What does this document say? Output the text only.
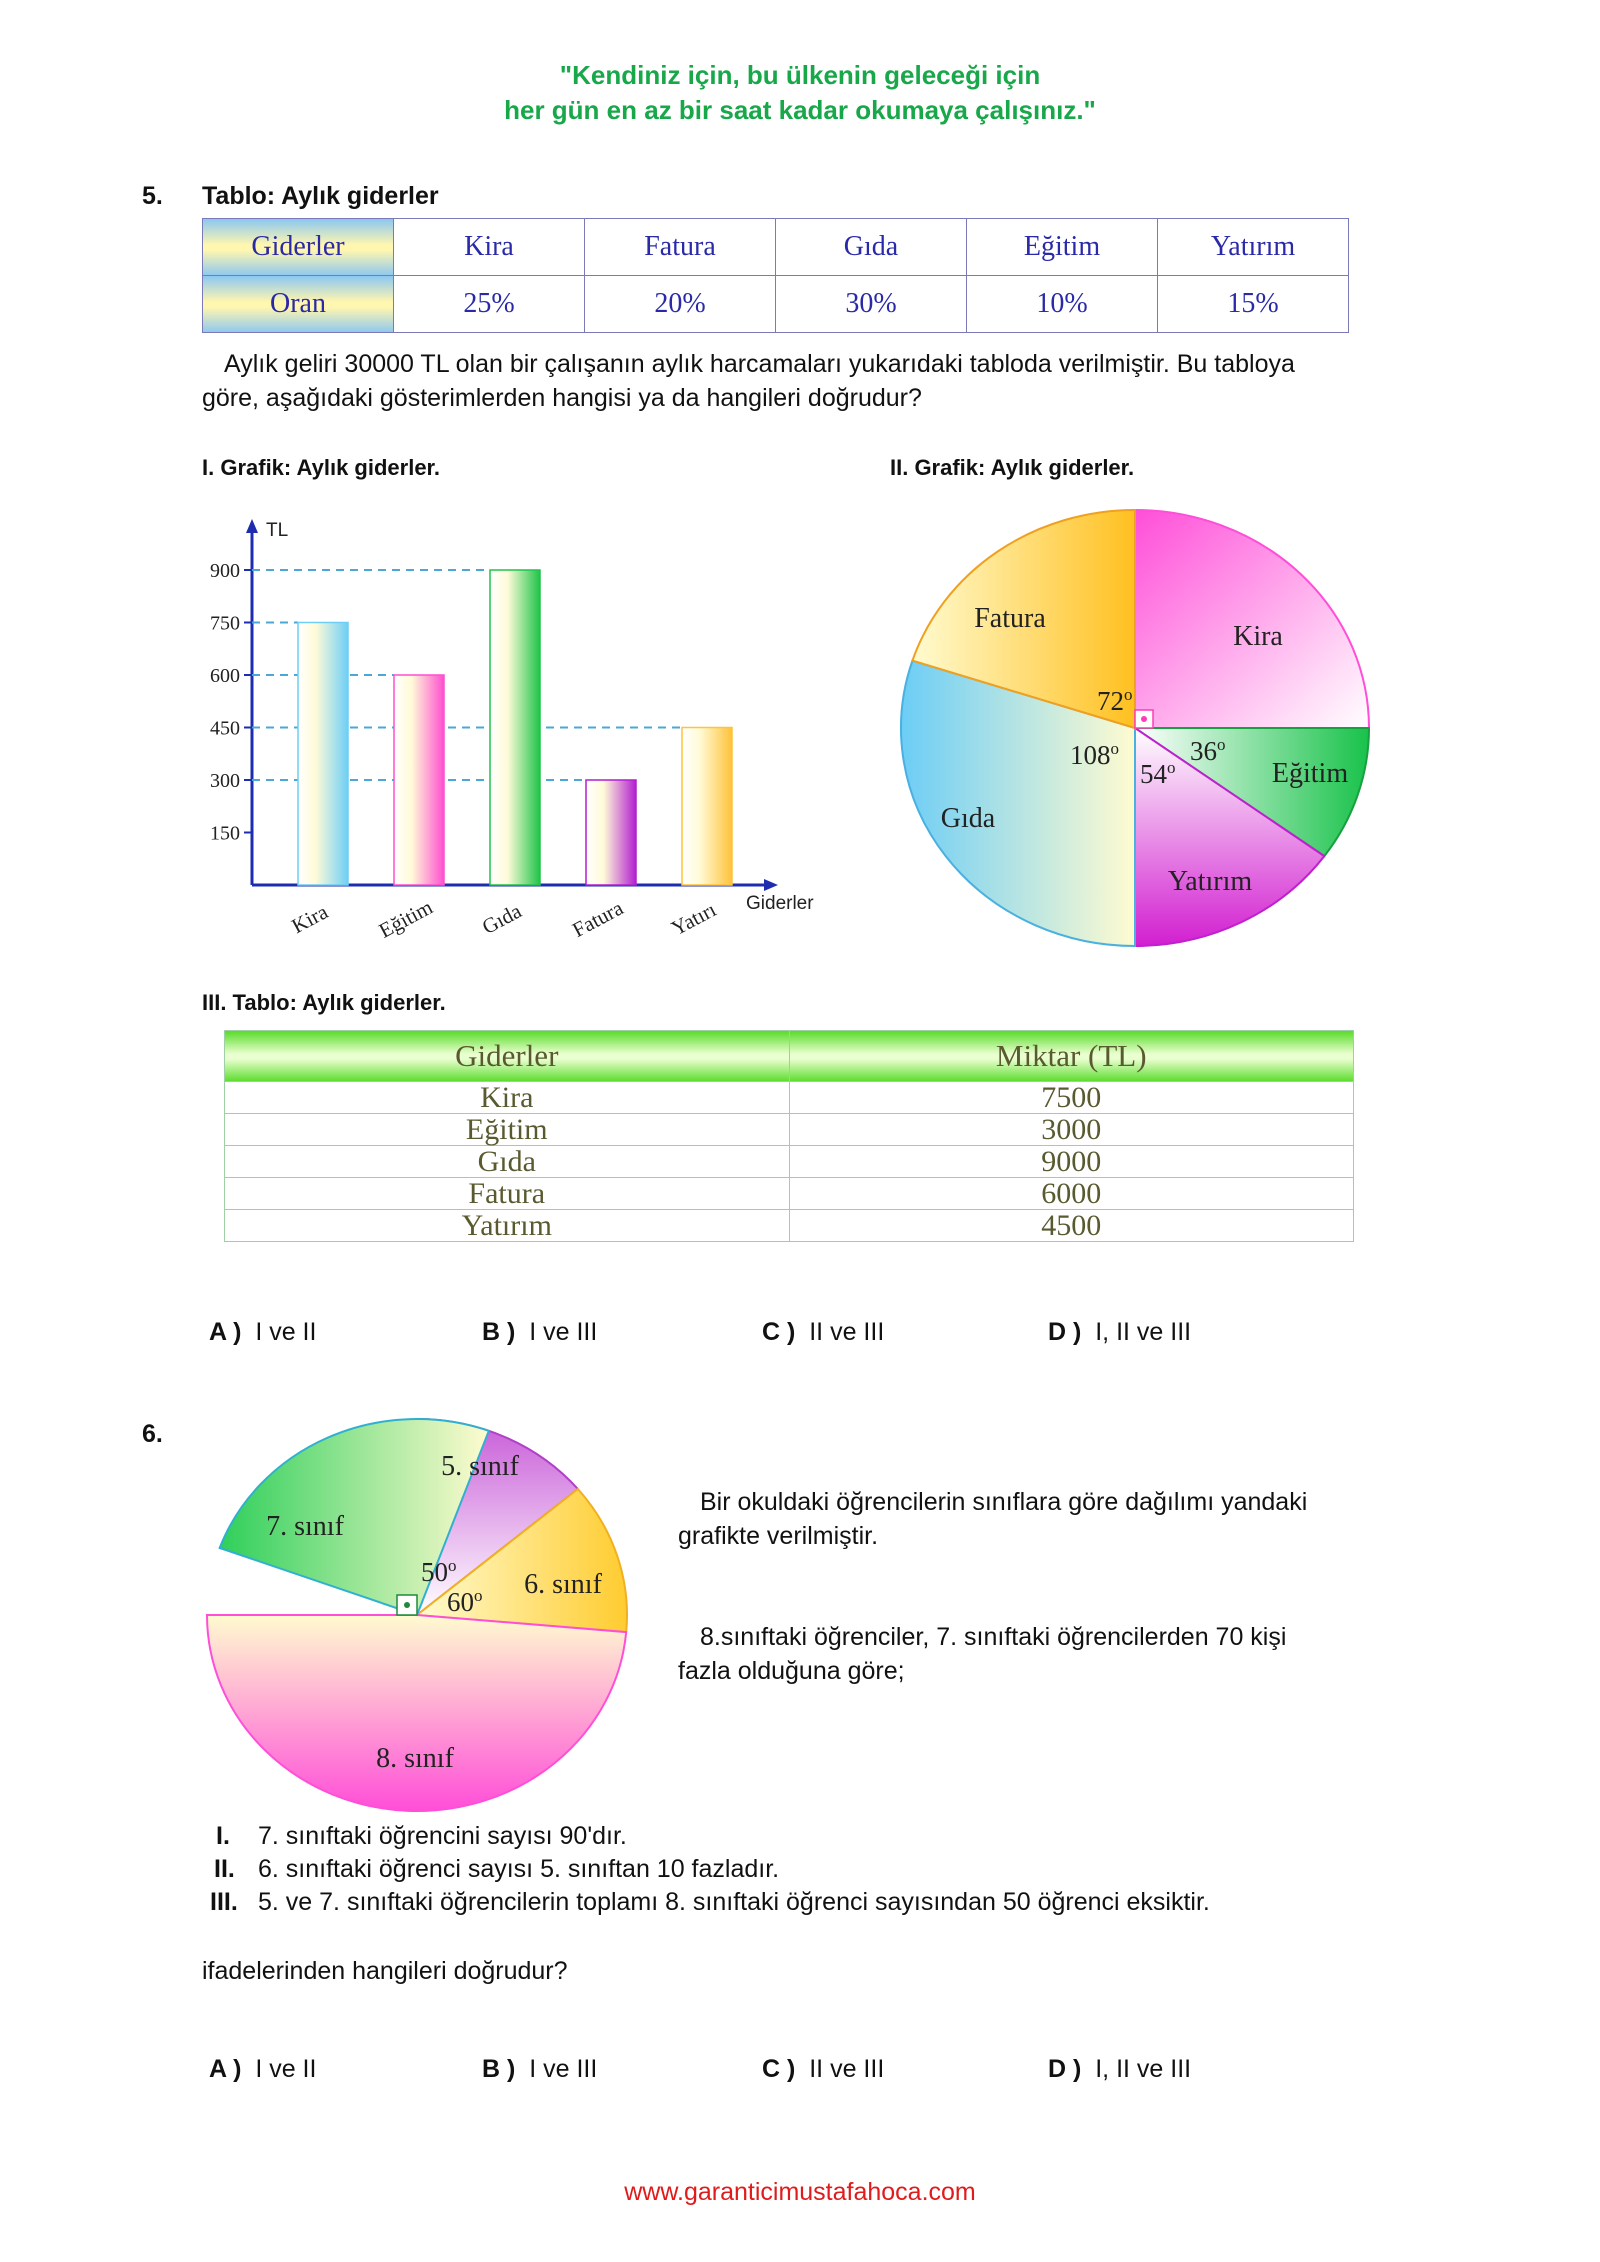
"Kendiniz için, bu ülkenin geleceği için
her gün en az bir saat kadar okumaya çalışınız."
5. Tablo: Aylık giderler
Giderler	Kira	Fatura	Gıda	Eğitim	Yatırım
Oran	25%	20%	30%	10%	15%
Aylık geliri 30000 TL olan bir çalışanın aylık harcamaları yukarıdaki tabloda verilmiştir. Bu tabloya
göre, aşağıdaki gösterimlerden hangisi ya da hangileri doğrudur?
I. Grafik: Aylık giderler.	II. Grafik: Aylık giderler.
TL
Giderler
150
300
450
600
750
900
Kira Eğitim Gıda Fatura Yatırı
Kira
Eğitim
Yatırım
Gıda
Fatura
36$^o$
54$^o$
108$^o$
72$^o$
III. Tablo: Aylık giderler.
Giderler	Miktar (TL)
Kira	7500
Eğitim	3000
Gıda	9000
Fatura	6000
Yatırım	4500
A ) I ve II	B ) I ve III	C ) II ve III	D ) I, II ve III
6.
5. sınıf
6. sınıf
8. sınıf
7. sınıf
50$^o$
60$^o$
Bir okuldaki öğrencilerin sınıflara göre dağılımı yandaki
grafikte verilmiştir.
8.sınıftaki öğrenciler, 7. sınıftaki öğrencilerden 70 kişi
fazla olduğuna göre;
I. 7. sınıftaki öğrencini sayısı 90'dır.
II. 6. sınıftaki öğrenci sayısı 5. sınıftan 10 fazladır.
III. 5. ve 7. sınıftaki öğrencilerin toplamı 8. sınıftaki öğrenci sayısından 50 öğrenci eksiktir.
ifadelerinden hangileri doğrudur?
A ) I ve II	B ) I ve III	C ) II ve III	D ) I, II ve III
www.garanticimustafahoca.com
